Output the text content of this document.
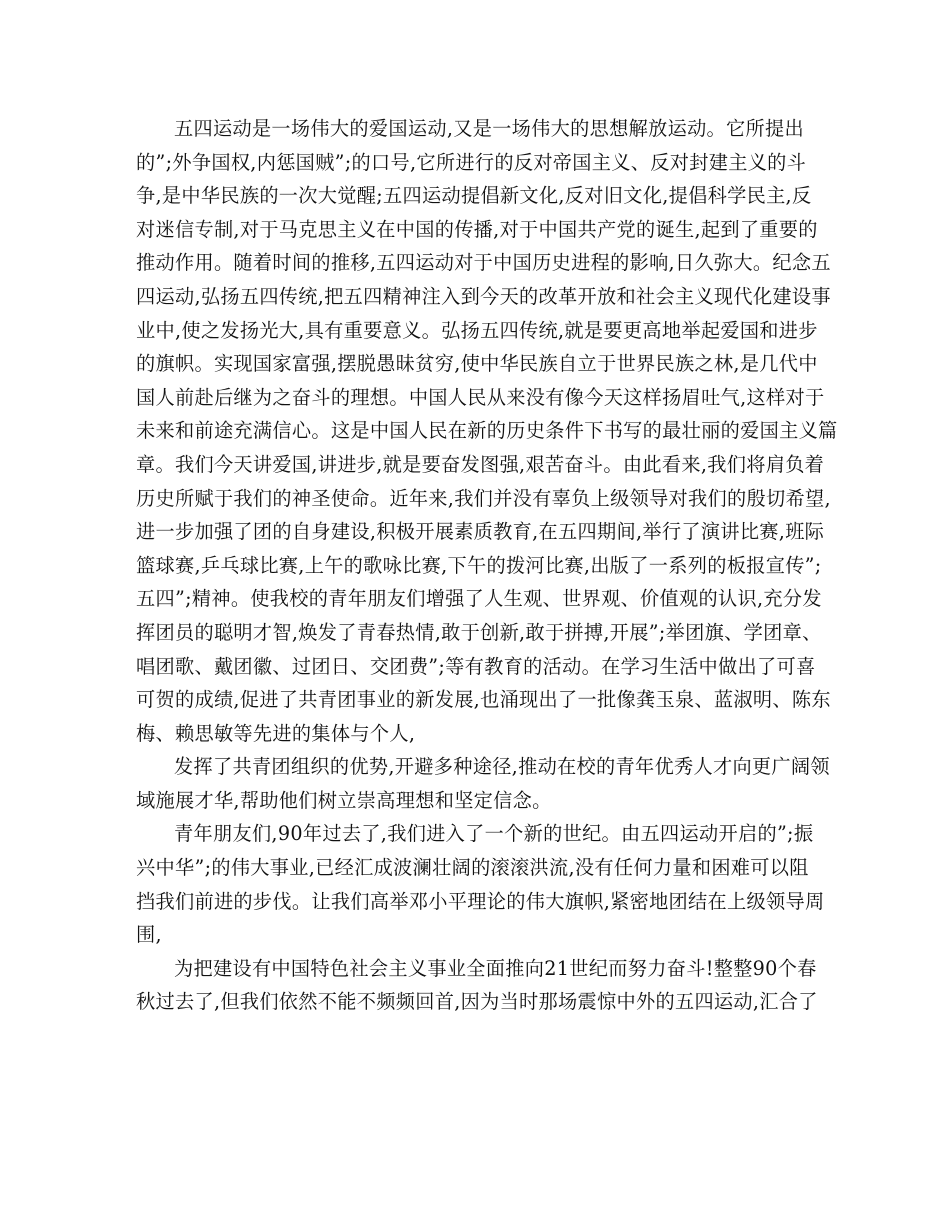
五四运动是一场伟大的爱国运动,又是一场伟大的思想解放运动。它所提出
的”;外争国权,内惩国贼”;的口号,它所进行的反对帝国主义、反对封建主义的斗
争,是中华民族的一次大觉醒;五四运动提倡新文化,反对旧文化,提倡科学民主,反
对迷信专制,对于马克思主义在中国的传播,对于中国共产党的诞生,起到了重要的
推动作用。随着时间的推移,五四运动对于中国历史进程的影响,日久弥大。纪念五
四运动,弘扬五四传统,把五四精神注入到今天的改革开放和社会主义现代化建设事
业中,使之发扬光大,具有重要意义。弘扬五四传统,就是要更高地举起爱国和进步
的旗帜。实现国家富强,摆脱愚昧贫穷,使中华民族自立于世界民族之林,是几代中
国人前赴后继为之奋斗的理想。中国人民从来没有像今天这样扬眉吐气,这样对于
未来和前途充满信心。这是中国人民在新的历史条件下书写的最壮丽的爱国主义篇
章。我们今天讲爱国,讲进步,就是要奋发图强,艰苦奋斗。由此看来,我们将肩负着
历史所赋于我们的神圣使命。近年来,我们并没有辜负上级领导对我们的殷切希望,
进一步加强了团的自身建设,积极开展素质教育,在五四期间,举行了演讲比赛,班际
篮球赛,乒乓球比赛,上午的歌咏比赛,下午的拨河比赛,出版了一系列的板报宣传”;
五四”;精神。使我校的青年朋友们增强了人生观、世界观、价值观的认识,充分发
挥团员的聪明才智,焕发了青春热情,敢于创新,敢于拼搏,开展”;举团旗、学团章、
唱团歌、戴团徽、过团日、交团费”;等有教育的活动。在学习生活中做出了可喜
可贺的成绩,促进了共青团事业的新发展,也涌现出了一批像龚玉泉、蓝淑明、陈东
梅、赖思敏等先进的集体与个人,
发挥了共青团组织的优势,开避多种途径,推动在校的青年优秀人才向更广阔领
域施展才华,帮助他们树立崇高理想和坚定信念。
青年朋友们,90年过去了,我们进入了一个新的世纪。由五四运动开启的”;振
兴中华”;的伟大事业,已经汇成波澜壮阔的滚滚洪流,没有任何力量和困难可以阻
挡我们前进的步伐。让我们高举邓小平理论的伟大旗帜,紧密地团结在上级领导周
围,
为把建设有中国特色社会主义事业全面推向21世纪而努力奋斗!整整90个春
秋过去了,但我们依然不能不频频回首,因为当时那场震惊中外的五四运动,汇合了
